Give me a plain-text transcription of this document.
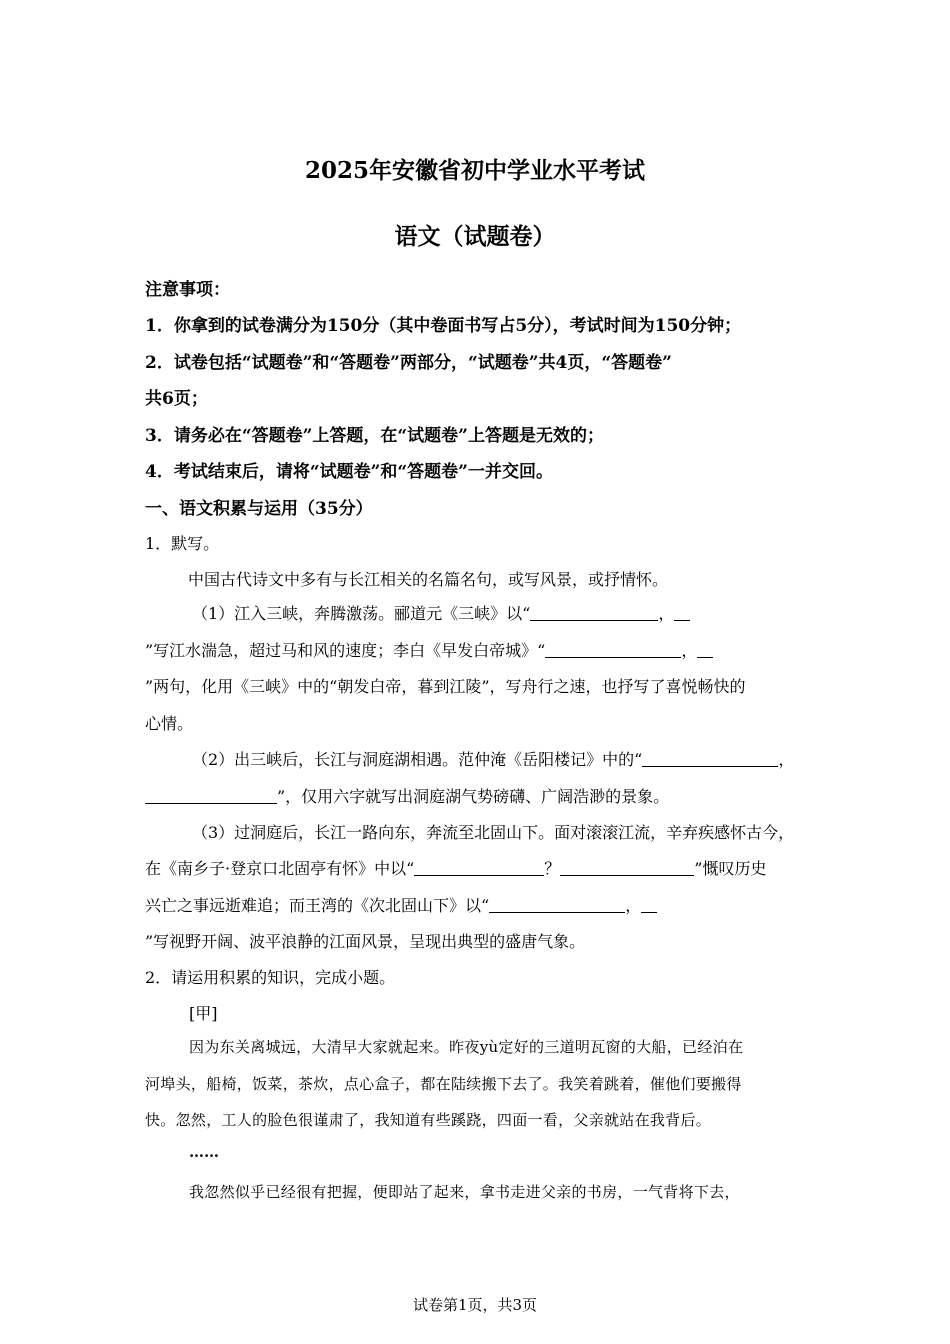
2025年安徽省初中学业水平考试
语文（试题卷）
注意事项：
1．你拿到的试卷满分为150分（其中卷面书写占5分），考试时间为150分钟；
2．试卷包括“试题卷”和“答题卷”两部分，“试题卷”共4页，“答题卷”
共6页；
3．请务必在“答题卷”上答题，在“试题卷”上答题是无效的；
4．考试结束后，请将“试题卷”和“答题卷”一并交回。
一、语文积累与运用（35分）
1．默写。
中国古代诗文中多有与长江相关的名篇名句，或写风景，或抒情怀。
（1）江入三峡，奔腾激荡。郦道元《三峡》以“	，
”写江水湍急，超过马和风的速度；李白《早发白帝城》“	，
”两句，化用《三峡》中的“朝发白帝，暮到江陵”，写舟行之速，也抒写了喜悦畅快的
心情。
（2）出三峡后，长江与洞庭湖相遇。范仲淹《岳阳楼记》中的“	，
”，仅用六字就写出洞庭湖气势磅礴、广阔浩渺的景象。
（3）过洞庭后，长江一路向东，奔流至北固山下。面对滚滚江流，辛弃疾感怀古今，
在《南乡子·登京口北固亭有怀》中以“	？	”慨叹历史
兴亡之事远逝难追；而王湾的《次北固山下》以“	，
”写视野开阔、波平浪静的江面风景，呈现出典型的盛唐气象。
2．请运用积累的知识，完成小题。
[甲]
因为东关离城远，大清早大家就起来。昨夜yù定好的三道明瓦窗的大船，已经泊在
河埠头，船椅，饭菜，茶炊，点心盒子，都在陆续搬下去了。我笑着跳着，催他们要搬得
快。忽然，工人的脸色很谨肃了，我知道有些蹊跷，四面一看，父亲就站在我背后。
……
我忽然似乎已经很有把握，便即站了起来，拿书走进父亲的书房，一气背将下去，
试卷第1页，共3页
